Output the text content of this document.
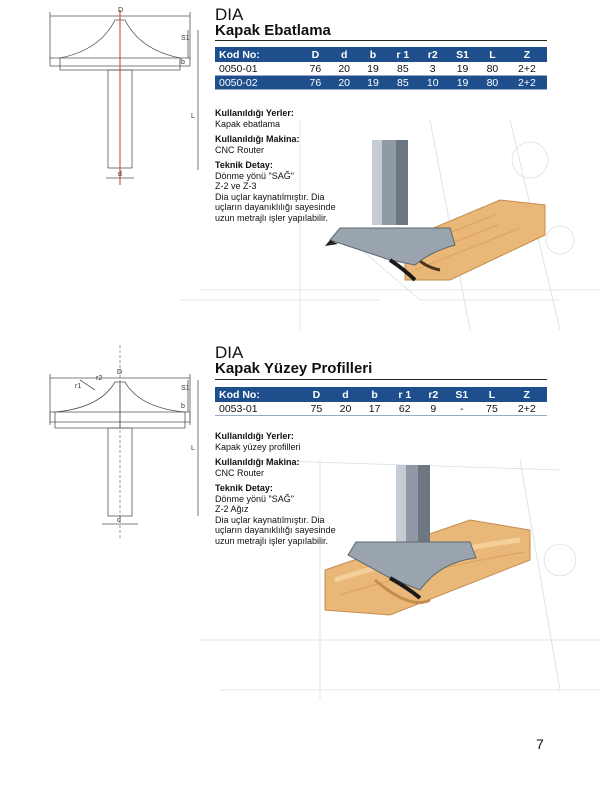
DIA
Kapak Ebatlama
Kod No:	D	d	b	r 1	r2	S1	L	Z
0050-01	76	20	19	85	3	19	80	2+2
0050-02	76	20	19	85	10	19	80	2+2
Kullanıldığı Yerler:
Kapak ebatlama
Kullanıldığı Makina:
CNC Router
Teknik Detay:
Dönme yönü "SAĞ"
Z-2 ve Z-3
Dia uçlar kaynatılmıştır. Dia
uçların dayanıklılığı sayesinde
uzun metrajlı işler yapılabilir.
D
S1
b
L
d
DIA
Kapak Yüzey Profilleri
Kod No:	D	d	b	r 1	r2	S1	L	Z
0053-01	75	20	17	62	9	-	75	2+2
Kullanıldığı Yerler:
Kapak yüzey profilleri
Kullanıldığı Makina:
CNC Router
Teknik Detay:
Dönme yönü "SAĞ"
Z-2 Ağız
Dia uçlar kaynatılmıştır. Dia
uçların dayanıklılığı sayesinde
uzun metrajlı işler yapılabilir.
D
r1
r2
S1
b
L
d
7
